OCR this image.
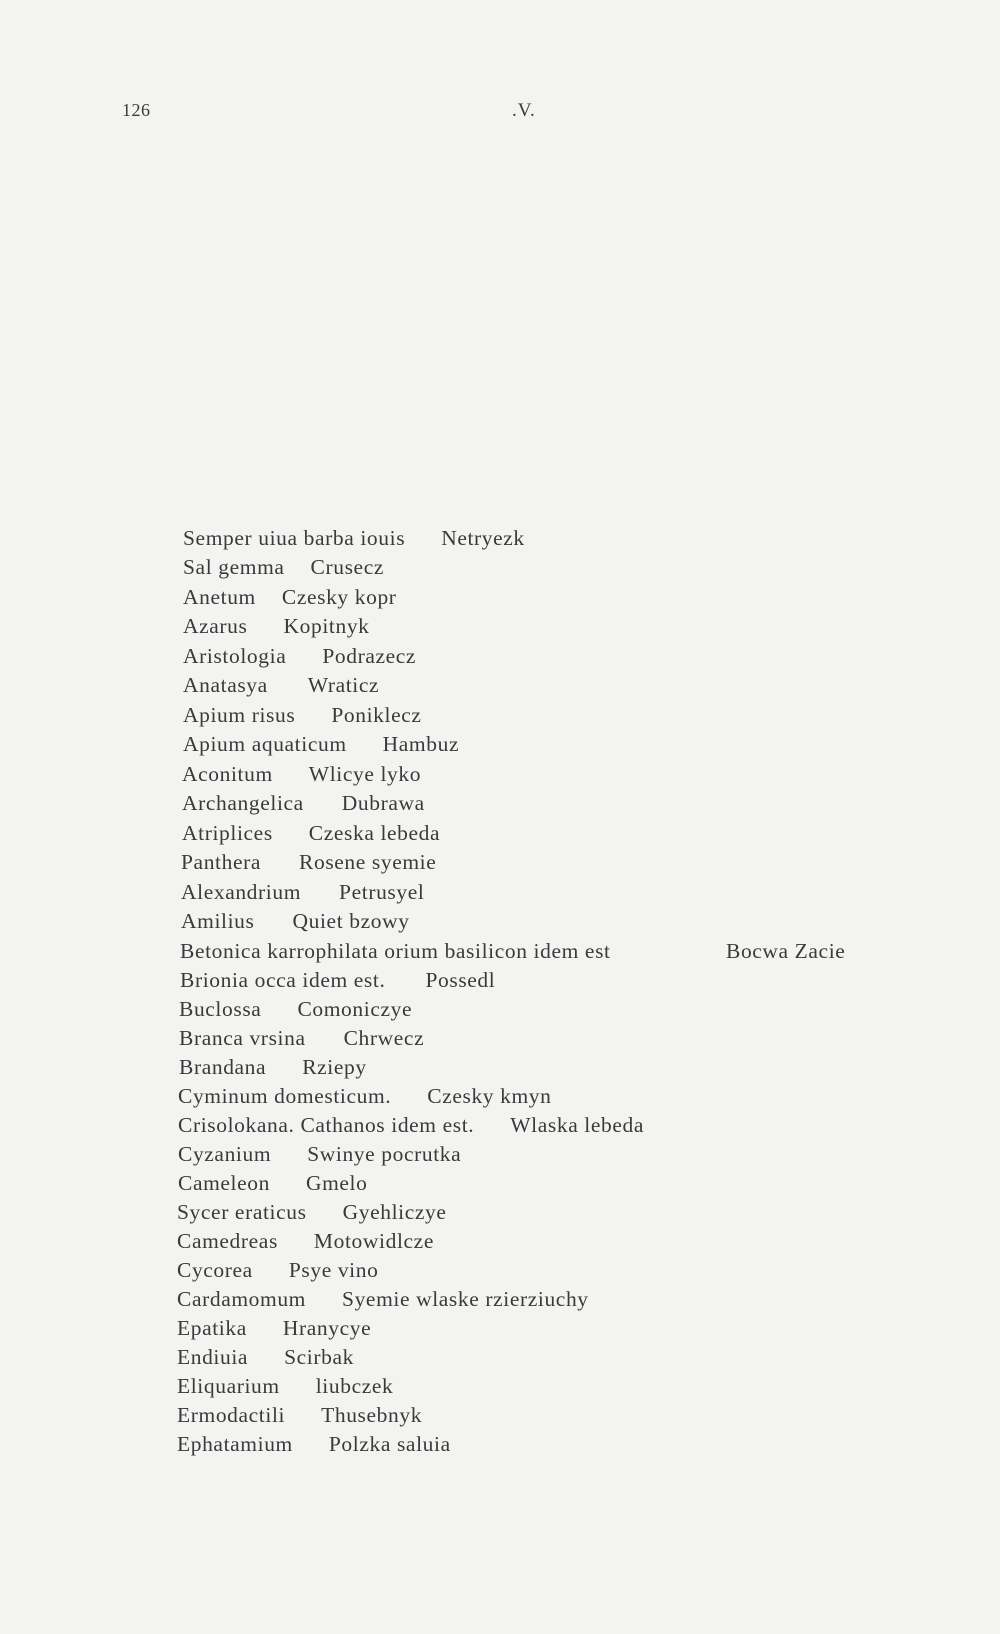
126	.V.
Semper uiua barba iouis Netryezk
Sal gemma Crusecz
Anetum Czesky kopr
Azarus Kopitnyk
Aristologia Podrazecz
Anatasya Wraticz
Apium risus Poniklecz
Apium aquaticum Hambuz
Aconitum Wlicye lyko
Archangelica Dubrawa
Atriplices Czeska lebeda
Panthera Rosene syemie
Alexandrium Petrusyel
Amilius Quiet bzowy
Betonica karrophilata orium basilicon idem est	Bocwa Zacie
Brionia occa idem est. Possedl
Buclossa Comoniczye
Branca vrsina Chrwecz
Brandana Rziepy
Cyminum domesticum. Czesky kmyn
Crisolokana. Cathanos idem est. Wlaska lebeda
Cyzanium Swinye pocrutka
Cameleon Gmelo
Sycer eraticus Gyehliczye
Camedreas Motowidlcze
Cycorea Psye vino
Cardamomum Syemie wlaske rzierziuchy
Epatika Hranycye
Endiuia Scirbak
Eliquarium liubczek
Ermodactili Thusebnyk
Ephatamium Polzka saluia
